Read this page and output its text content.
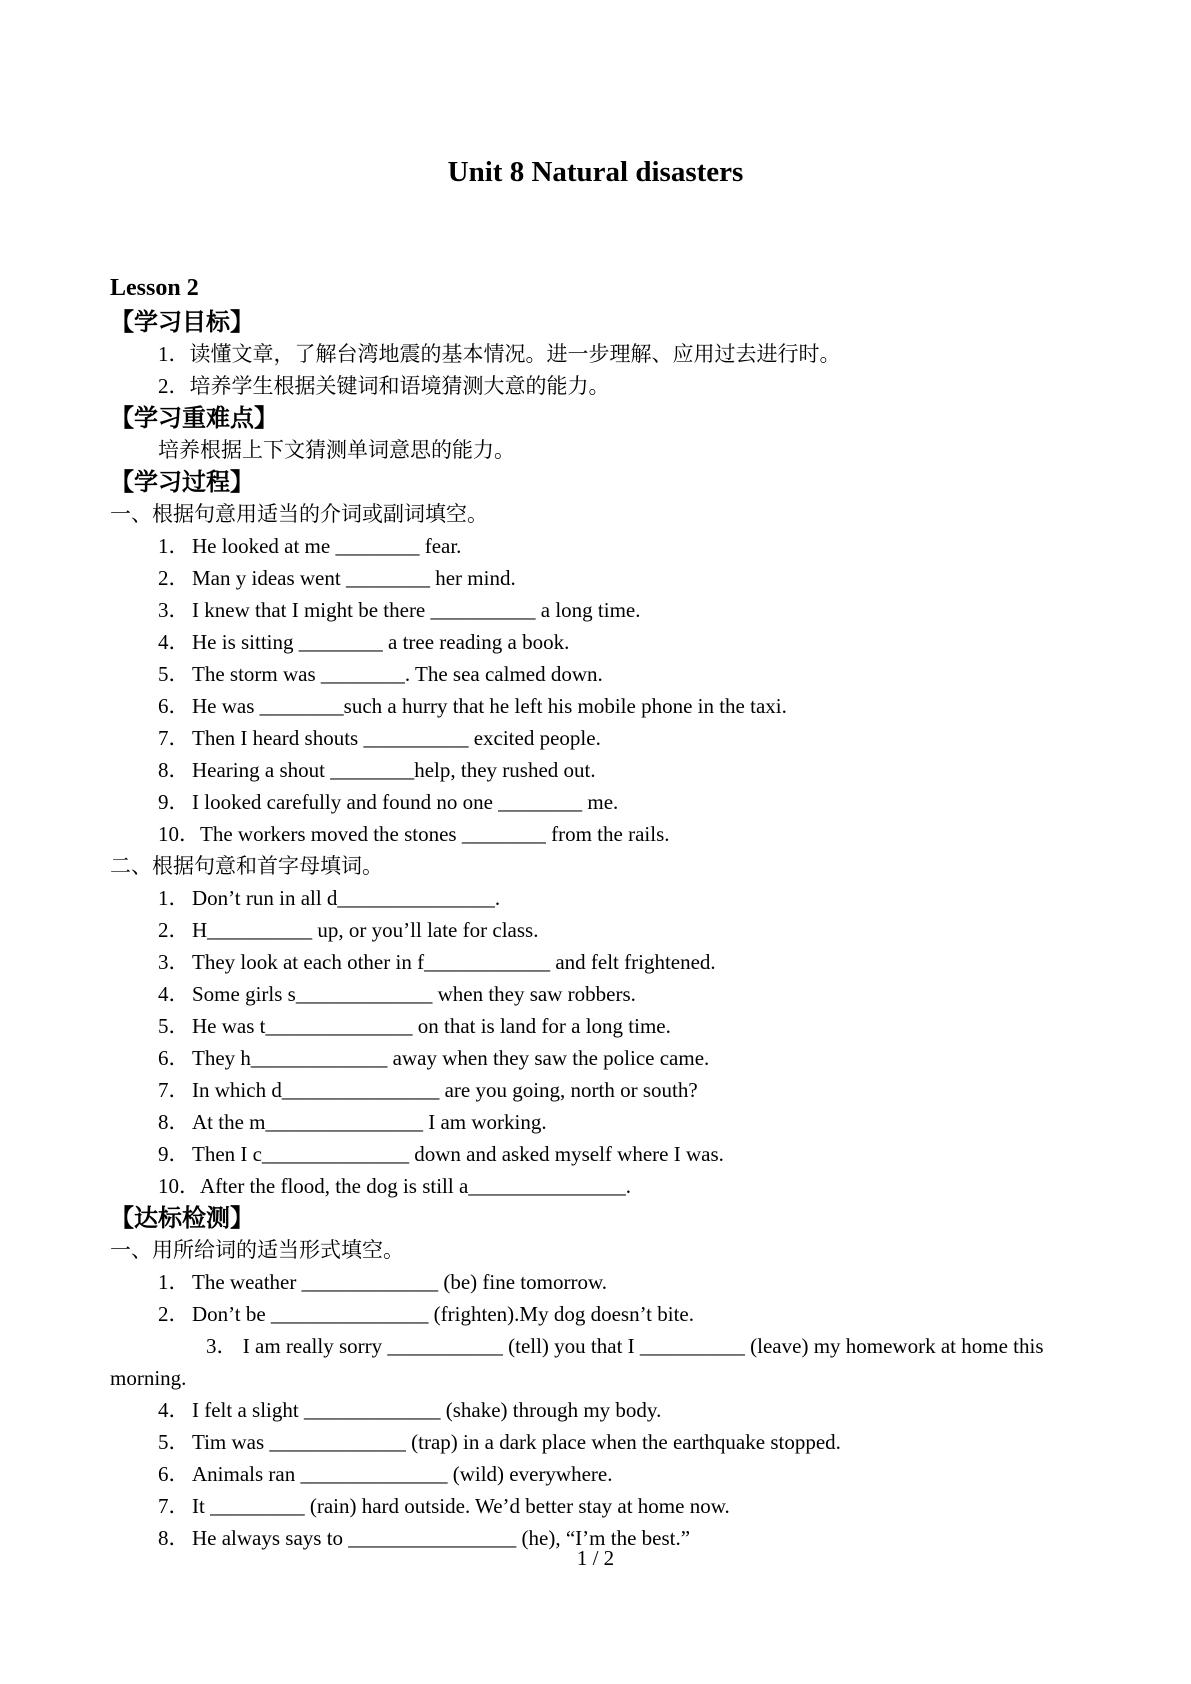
Unit 8 Natural disasters
Lesson 2
【学习目标】
1．读懂文章，了解台湾地震的基本情况。进一步理解、应用过去进行时。
2．培养学生根据关键词和语境猜测大意的能力。
【学习重难点】
培养根据上下文猜测单词意思的能力。
【学习过程】
一、根据句意用适当的介词或副词填空。
1． He looked at me ________ fear.
2． Man y ideas went ________ her mind.
3． I knew that I might be there __________ a long time.
4． He is sitting ________ a tree reading a book.
5． The storm was ________. The sea calmed down.
6． He was ________such a hurry that he left his mobile phone in the taxi.
7． Then I heard shouts __________ excited people.
8． Hearing a shout ________help, they rushed out.
9． I looked carefully and found no one ________ me.
10．The workers moved the stones ________ from the rails.
二、根据句意和首字母填词。
1． Don’t run in all d_______________.
2． H__________ up, or you’ll late for class.
3． They look at each other in f____________ and felt frightened.
4． Some girls s_____________ when they saw robbers.
5． He was t______________ on that is land for a long time.
6． They h_____________ away when they saw the police came.
7． In which d_______________ are you going, north or south?
8． At the m_______________ I am working.
9． Then I c______________ down and asked myself where I was.
10．After the flood, the dog is still a_______________.
【达标检测】
一、用所给词的适当形式填空。
1． The weather _____________ (be) fine tomorrow.
2． Don’t be _______________ (frighten).My dog doesn’t bite.
3． I am really sorry ___________ (tell) you that I __________ (leave) my homework at home this morning.
4． I felt a slight _____________ (shake) through my body.
5． Tim was _____________ (trap) in a dark place when the earthquake stopped.
6． Animals ran ______________ (wild) everywhere.
7． It _________ (rain) hard outside. We’d better stay at home now.
8． He always says to ________________ (he), “I’m the best.”
1 / 2
